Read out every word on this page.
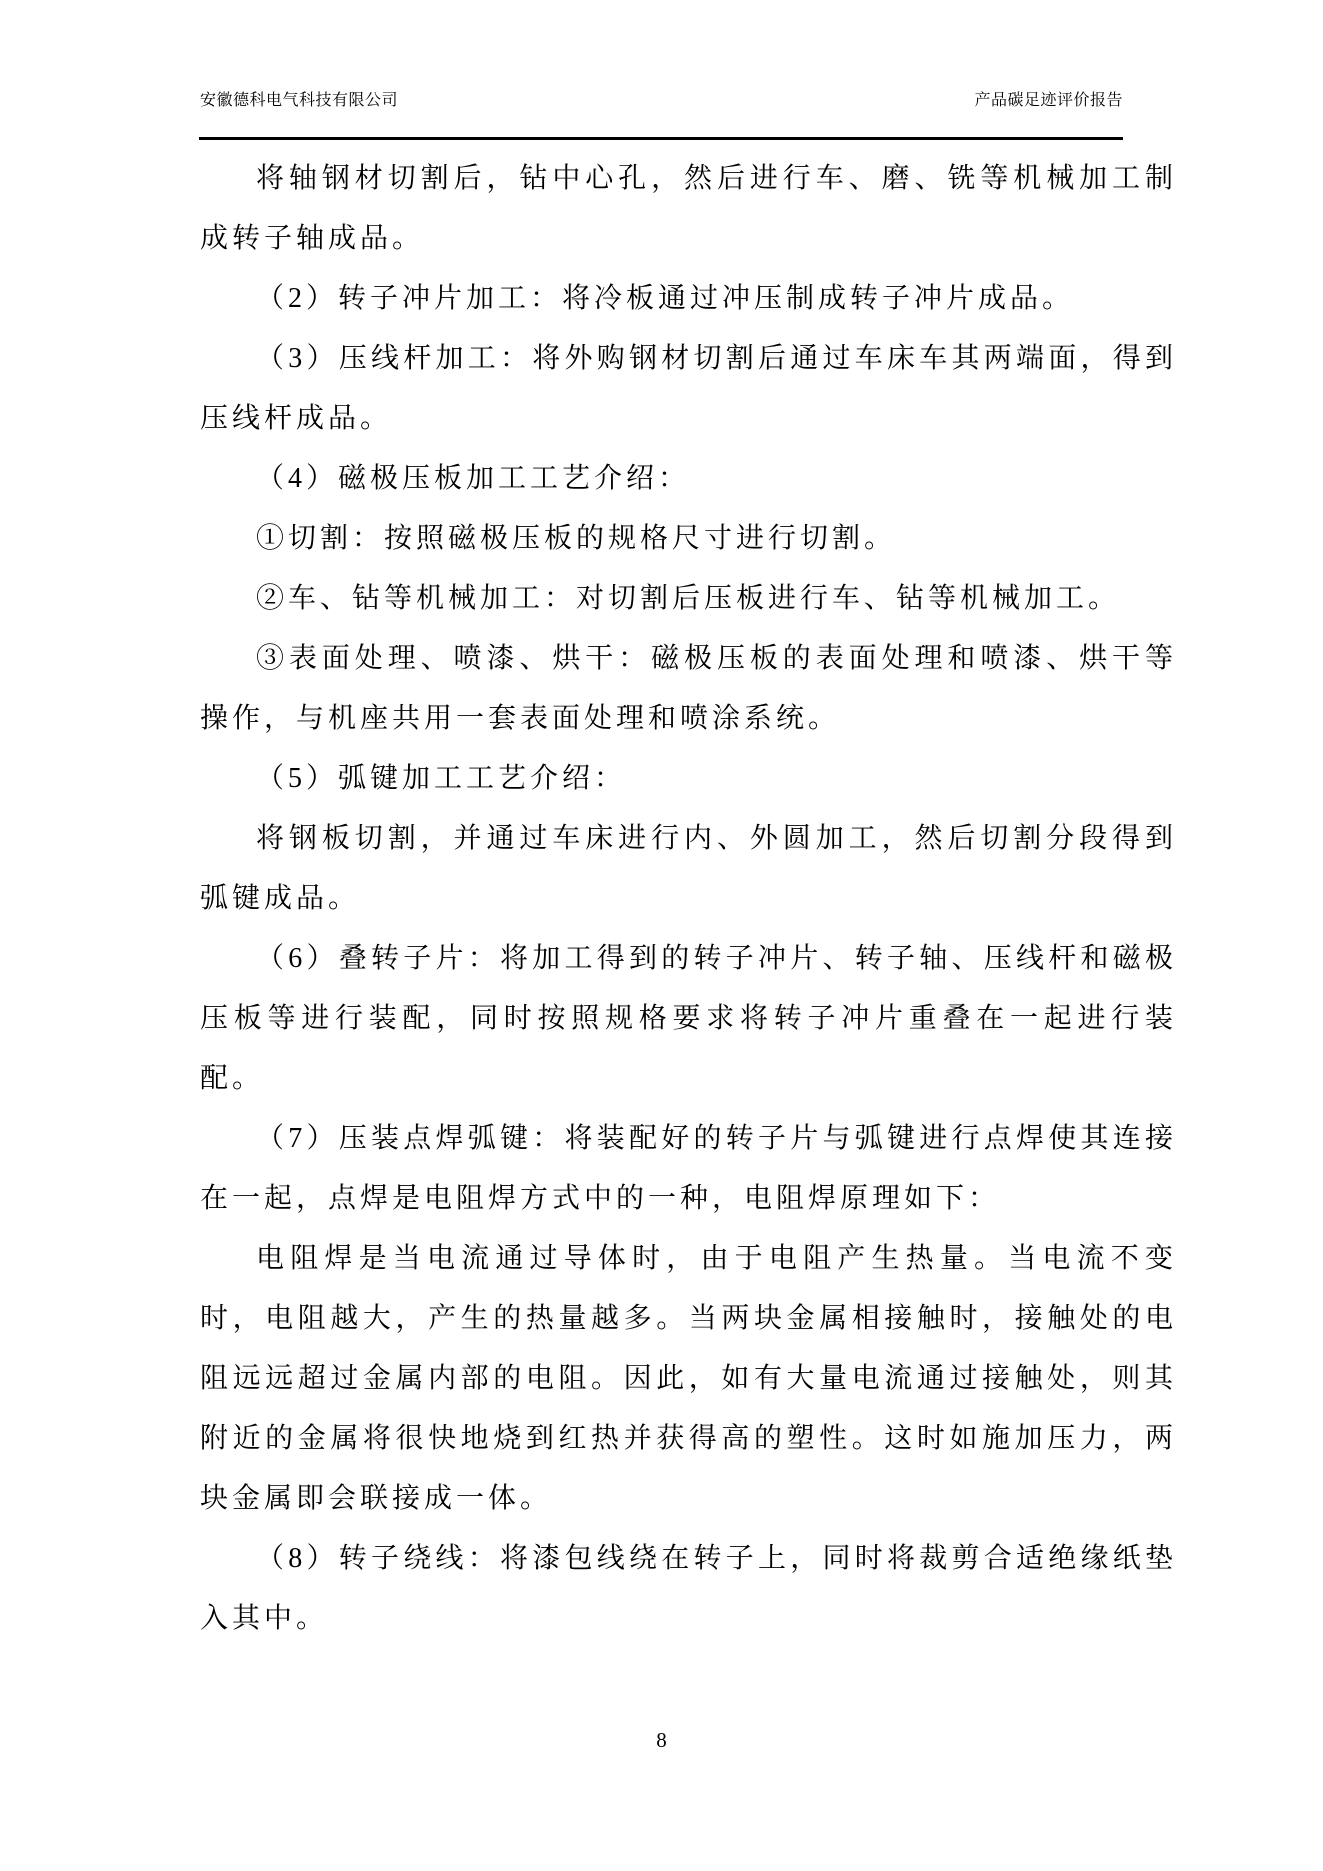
安徽德科电气科技有限公司	产品碳足迹评价报告

将轴钢材切割后，钻中心孔，然后进行车、磨、铣等机械加工制成转子轴成品。

（2）转子冲片加工：将冷板通过冲压制成转子冲片成品。

（3）压线杆加工：将外购钢材切割后通过车床车其两端面，得到压线杆成品。

（4）磁极压板加工工艺介绍：

①切割：按照磁极压板的规格尺寸进行切割。

②车、钻等机械加工：对切割后压板进行车、钻等机械加工。

③表面处理、喷漆、烘干：磁极压板的表面处理和喷漆、烘干等操作，与机座共用一套表面处理和喷涂系统。

（5）弧键加工工艺介绍：

将钢板切割，并通过车床进行内、外圆加工，然后切割分段得到弧键成品。

（6）叠转子片：将加工得到的转子冲片、转子轴、压线杆和磁极压板等进行装配，同时按照规格要求将转子冲片重叠在一起进行装配。

（7）压装点焊弧键：将装配好的转子片与弧键进行点焊使其连接在一起，点焊是电阻焊方式中的一种，电阻焊原理如下：

电阻焊是当电流通过导体时，由于电阻产生热量。当电流不变时，电阻越大，产生的热量越多。当两块金属相接触时，接触处的电阻远远超过金属内部的电阻。因此，如有大量电流通过接触处，则其附近的金属将很快地烧到红热并获得高的塑性。这时如施加压力，两块金属即会联接成一体。

（8）转子绕线：将漆包线绕在转子上，同时将裁剪合适绝缘纸垫入其中。

8
